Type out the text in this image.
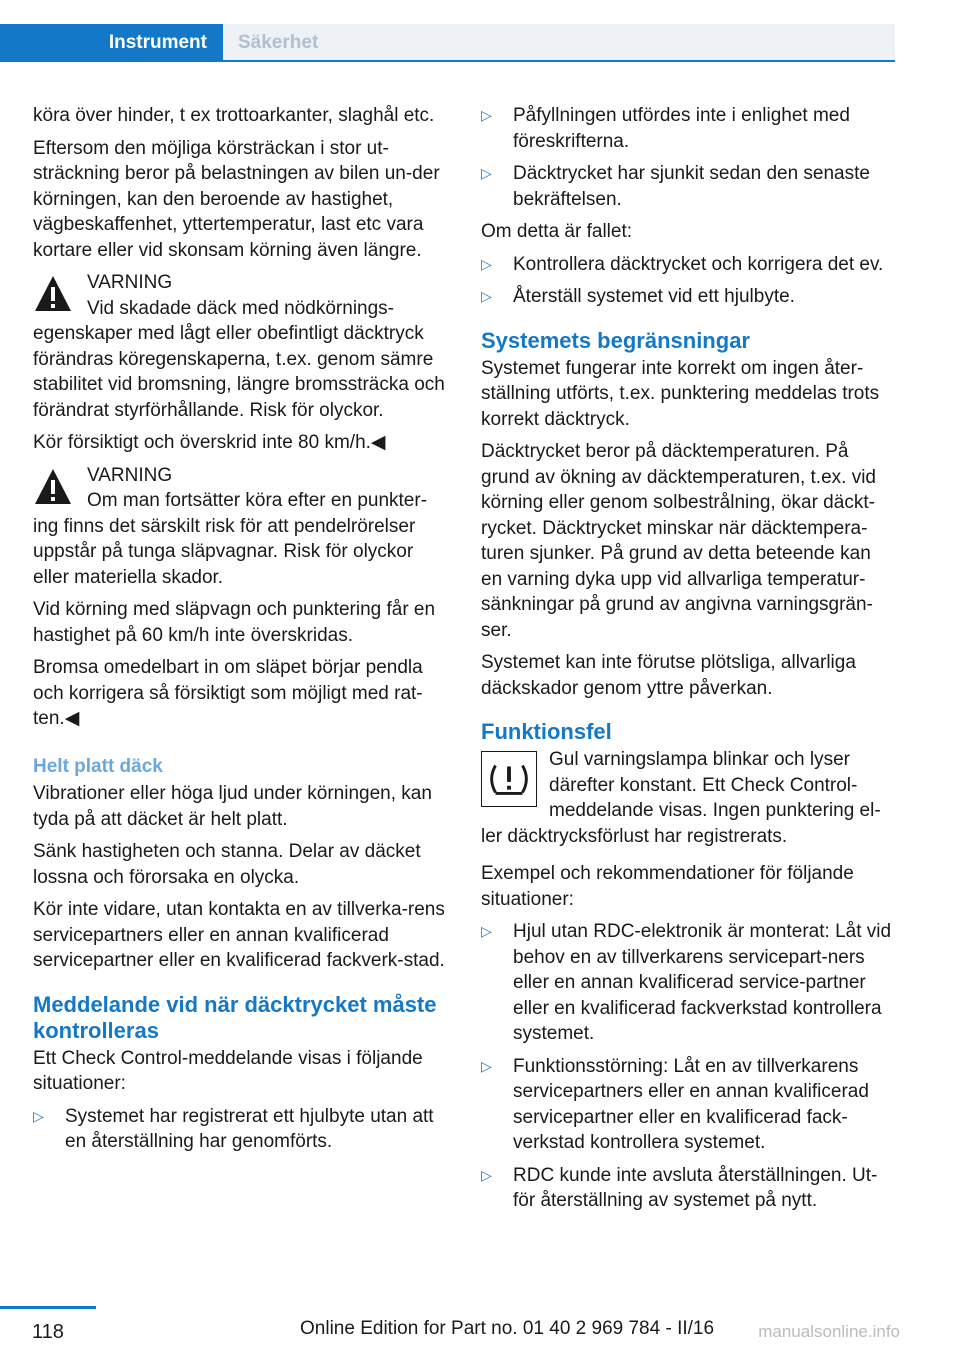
Instrument	Säkerhet

köra över hinder, t ex trottoarkanter, slaghål etc.

Eftersom den möjliga körsträckan i stor ut-sträckning beror på belastningen av bilen un-der körningen, kan den beroende av hastighet, vägbeskaffenhet, yttertemperatur, last etc vara kortare eller vid skonsam körning även längre.

VARNING
Vid skadade däck med nödkörnings-egenskaper med lågt eller obefintligt däcktryck förändras köregenskaperna, t.ex. genom sämre stabilitet vid bromsning, längre bromssträcka och förändrat styrförhållande. Risk för olyckor.

Kör försiktigt och överskrid inte 80 km/h.◀

VARNING
Om man fortsätter köra efter en punkter-ing finns det särskilt risk för att pendelrörelser uppstår på tunga släpvagnar. Risk för olyckor eller materiella skador.

Vid körning med släpvagn och punktering får en hastighet på 60 km/h inte överskridas.

Bromsa omedelbart in om släpet börjar pendla och korrigera så försiktigt som möjligt med rat-ten.◀

Helt platt däck

Vibrationer eller höga ljud under körningen, kan tyda på att däcket är helt platt.

Sänk hastigheten och stanna. Delar av däcket lossna och förorsaka en olycka.

Kör inte vidare, utan kontakta en av tillverka-rens servicepartners eller en annan kvalificerad servicepartner eller en kvalificerad fackverk-stad.

Meddelande vid när däcktrycket måste kontrolleras

Ett Check Control-meddelande visas i följande situationer:

▷ Systemet har registrerat ett hjulbyte utan att en återställning har genomförts.
▷ Påfyllningen utfördes inte i enlighet med föreskrifterna.
▷ Däcktrycket har sjunkit sedan den senaste bekräftelsen.

Om detta är fallet:

▷ Kontrollera däcktrycket och korrigera det ev.
▷ Återställ systemet vid ett hjulbyte.
Systemets begränsningar

Systemet fungerar inte korrekt om ingen åter-ställning utförts, t.ex. punktering meddelas trots korrekt däcktryck.

Däcktrycket beror på däcktemperaturen. På grund av ökning av däcktemperaturen, t.ex. vid körning eller genom solbestrålning, ökar däckt-rycket. Däcktrycket minskar när däcktempera-turen sjunker. På grund av detta beteende kan en varning dyka upp vid allvarliga temperatur-sänkningar på grund av angivna varningsgrän-ser.

Systemet kan inte förutse plötsliga, allvarliga däckskador genom yttre påverkan.

Funktionsfel
Gul varningslampa blinkar och lyser därefter konstant. Ett Check Control-meddelande visas. Ingen punktering el-ler däcktrycksförlust har registrerats.

Exempel och rekommendationer för följande situationer:

▷ Hjul utan RDC-elektronik är monterat: Låt vid behov en av tillverkarens servicepart-ners eller en annan kvalificerad service-partner eller en kvalificerad fackverkstad kontrollera systemet.
▷ Funktionsstörning: Låt en av tillverkarens servicepartners eller en annan kvalificerad servicepartner eller en kvalificerad fack-verkstad kontrollera systemet.
▷ RDC kunde inte avsluta återställningen. Ut-för återställning av systemet på nytt.
118	Online Edition for Part no. 01 40 2 969 784 - II/16	manualsonline.info
